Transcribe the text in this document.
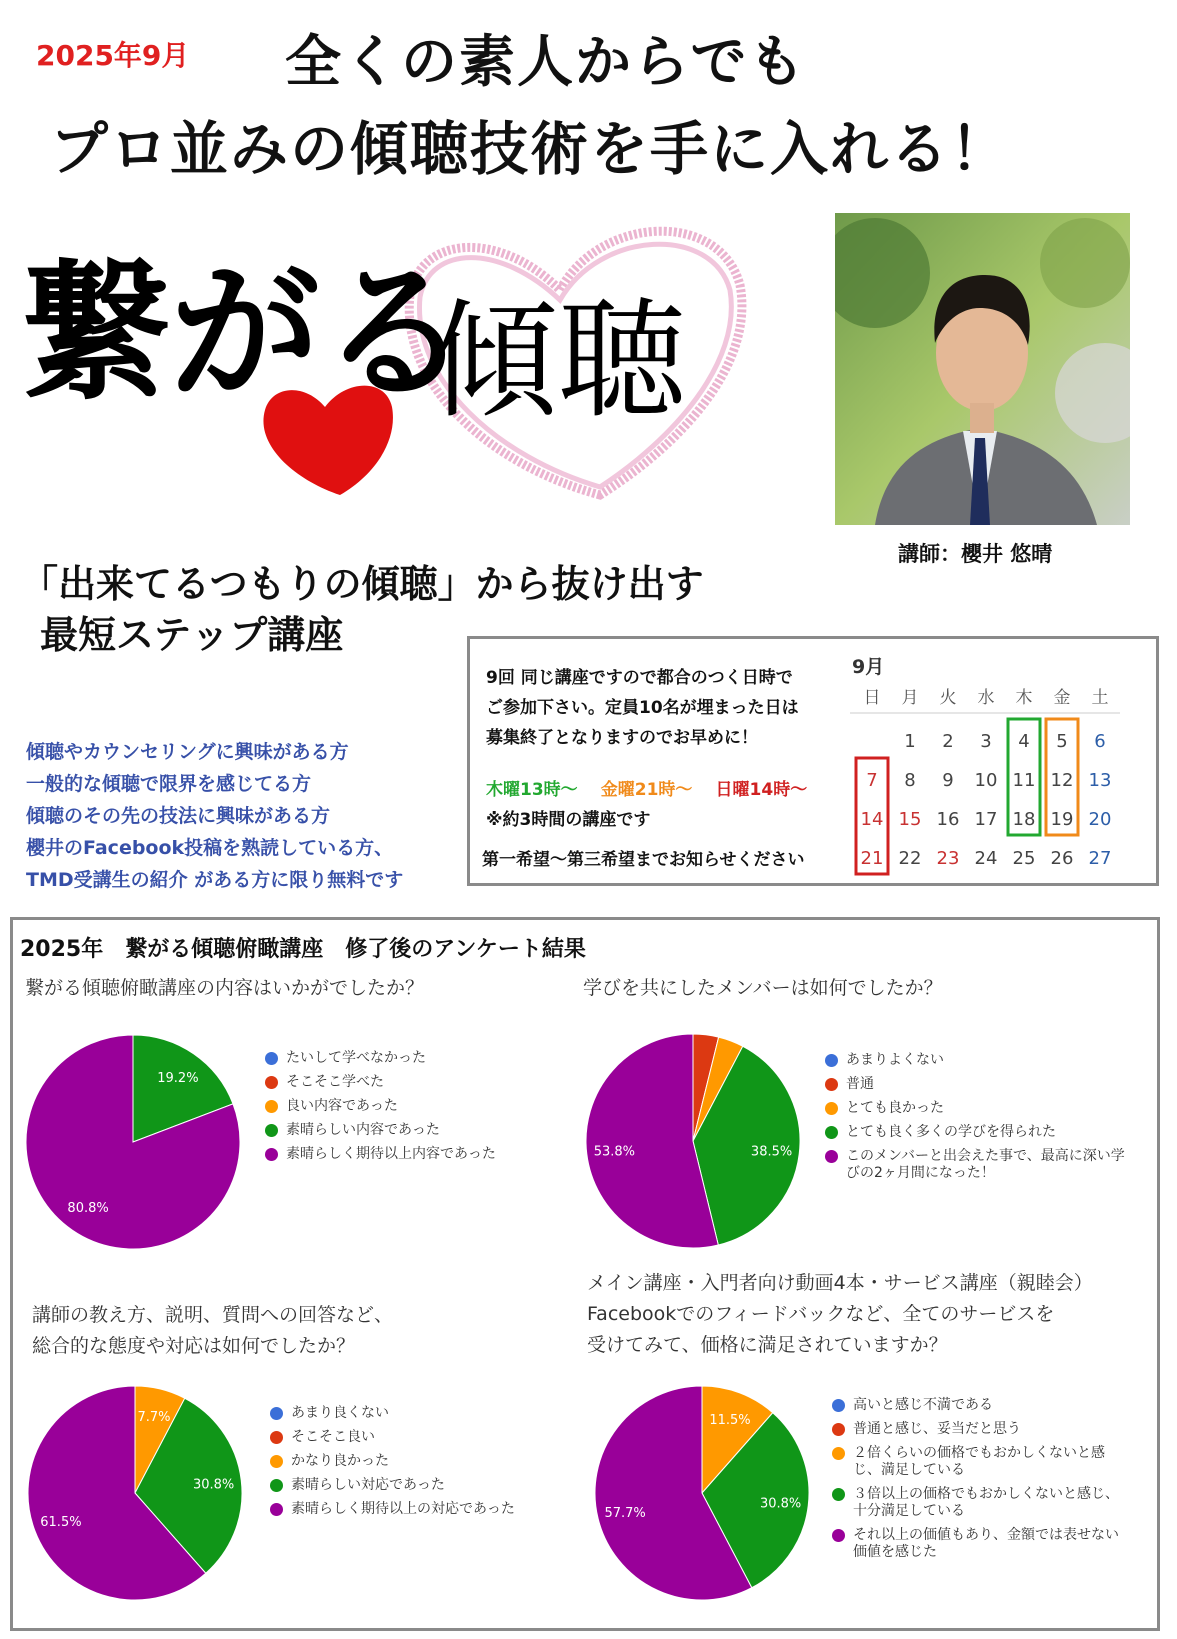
2025年9月 全くの素人からでも
プロ並みの傾聴技術を手に入れる！
繋がる
傾聴
講師：櫻井 悠晴
「出来てるつもりの傾聴」から抜け出す
最短ステップ講座
傾聴やカウンセリングに興味がある方
一般的な傾聴で限界を感じてる方
傾聴のその先の技法に興味がある方
櫻井のFacebook投稿を熟読している方、
TMD受講生の紹介 がある方に限り無料です
9回 同じ講座ですので都合のつく日時で
ご参加下さい。定員10名が埋まった日は
募集終了となりますのでお早めに！
木曜13時～ 金曜21時～ 日曜14時～
※約3時間の講座です
第一希望～第三希望までお知らせください
9月
日 月 火 水 木 金 土
1 2 3 4 5 6
7 8 9 10 11 12 13
14 15 16 17 18 19 20
21 22 23 24 25 26 27
2025年　繋がる傾聴俯瞰講座　修了後のアンケート結果
繋がる傾聴俯瞰講座の内容はいかがでしたか？	学びを共にしたメンバーは如何でしたか？
講師の教え方、説明、質問への回答など、
総合的な態度や対応は如何でしたか？
メイン講座・入門者向け動画4本・サービス講座（親睦会）
Facebookでのフィードバックなど、全てのサービスを
受けてみて、価格に満足されていますか？
19.2%
80.8%
たいして学べなかった
そこそこ学べた
良い内容であった
素晴らしい内容であった
素晴らしく期待以上内容であった	38.5%
53.8%
あまりよくない
普通
とても良かった
とても良く多くの学びを得られた
このメンバーと出会えた事で、最高に深い学びの2ヶ月間になった！
7.7%
30.8%
61.5%
あまり良くない
そこそこ良い
かなり良かった
素晴らしい対応であった
素晴らしく期待以上の対応であった
11.5%
30.8%
57.7%
高いと感じ不満である
普通と感じ、妥当だと思う
２倍くらいの価格でもおかしくないと感じ、満足している
３倍以上の価格でもおかしくないと感じ、十分満足している
それ以上の価値もあり、金額では表せない価値を感じた
